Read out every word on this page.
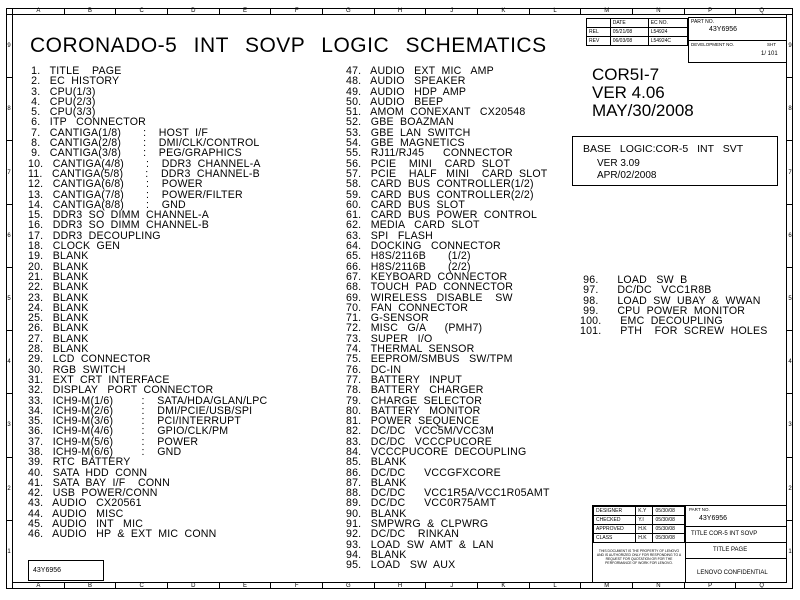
A	B	C	D	E	F	G	H	J	K	L	M	N	P	Q
A	B	C	D	E	F	G	H	J	K	L	M	N	P	Q
9
8
7
6
5
4
3
2
1
9
8
7
6
5
4
3
2
1
CORONADO-5 INT SOVP LOGIC SCHEMATICS
1.   TITLE    PAGE
2.   EC  HISTORY
3.   CPU(1/3)
4.   CPU(2/3)
5.   CPU(3/3)
6.   ITP   CONNECTOR
7.   CANTIGA(1/8)       :    HOST  I/F
8.   CANTIGA(2/8)       :    DMI/CLK/CONTROL
9.   CANTIGA(3/8)       :    PEG/GRAPHICS
10.   CANTIGA(4/8)       :    DDR3  CHANNEL-A
11.   CANTIGA(5/8)       :    DDR3  CHANNEL-B
12.   CANTIGA(6/8)       :    POWER
13.   CANTIGA(7/8)       :    POWER/FILTER
14.   CANTIGA(8/8)       :    GND
15.   DDR3  SO  DIMM  CHANNEL-A
16.   DDR3  SO  DIMM  CHANNEL-B
17.   DDR3  DECOUPLING
18.   CLOCK  GEN
19.   BLANK
20.   BLANK
21.   BLANK
22.   BLANK
23.   BLANK
24.   BLANK
25.   BLANK
26.   BLANK
27.   BLANK
28.   BLANK
29.   LCD  CONNECTOR
30.   RGB  SWITCH
31.   EXT  CRT  INTERFACE
32.   DISPLAY   PORT  CONNECTOR
33.   ICH9-M(1/6)         :    SATA/HDA/GLAN/LPC
34.   ICH9-M(2/6)         :    DMI/PCIE/USB/SPI
35.   ICH9-M(3/6)         :    PCI/INTERRUPT
36.   ICH9-M(4/6)         :    GPIO/CLK/PM
37.   ICH9-M(5/6)         :    POWER
38.   ICH9-M(6/6)         :    GND
39.   RTC  BATTERY
40.   SATA  HDD  CONN
41.   SATA  BAY  I/F    CONN
42.   USB  POWER/CONN
43.   AUDIO   CX20561
44.   AUDIO   MISC
45.   AUDIO   INT   MIC
46.   AUDIO   HP  &  EXT  MIC  CONN
47.   AUDIO   EXT  MIC   AMP
48.   AUDIO   SPEAKER
49.   AUDIO   HDP  AMP
50.   AUDIO   BEEP
51.   AMOM  CONEXANT   CX20548
52.   GBE  BOAZMAN
53.   GBE  LAN  SWITCH
54.   GBE  MAGNETICS
55.   RJ11/RJ45      CONNECTOR
56.   PCIE    MINI    CARD  SLOT
57.   PCIE    HALF   MINI    CARD  SLOT
58.   CARD  BUS  CONTROLLER(1/2)
59.   CARD  BUS  CONTROLLER(2/2)
60.   CARD  BUS  SLOT
61.   CARD  BUS  POWER  CONTROL
62.   MEDIA   CARD  SLOT
63.   SPI   FLASH
64.   DOCKING   CONNECTOR
65.   H8S/2116B       (1/2)
66.   H8S/2116B       (2/2)
67.   KEYBOARD  CONNECTOR
68.   TOUCH  PAD  CONNECTOR
69.   WIRELESS   DISABLE    SW
70.   FAN  CONNECTOR
71.   G-SENSOR
72.   MISC   G/A      (PMH7)
73.   SUPER   I/O
74.   THERMAL  SENSOR
75.   EEPROM/SMBUS   SW/TPM
76.   DC-IN
77.   BATTERY   INPUT
78.   BATTERY   CHARGER
79.   CHARGE  SELECTOR
80.   BATTERY   MONITOR
81.   POWER  SEQUENCE
82.   DC/DC   VCC5M/VCC3M
83.   DC/DC   VCCCPUCORE
84.   VCCCPUCORE  DECOUPLING
85.   BLANK
86.   DC/DC      VCCGFXCORE
87.   BLANK
88.   DC/DC      VCC1R5A/VCC1R05AMT
89.   DC/DC      VCC0R75AMT
90.   BLANK
91.   SMPWRG  &  CLPWRG
92.   DC/DC    RINKAN
93.   LOAD  SW  AMT  &  LAN
94.   BLANK
95.   LOAD   SW  AUX
96.      LOAD   SW  B
97.      DC/DC   VCC1R8B
98.      LOAD  SW  UBAY  &  WWAN
99.      CPU  POWER  MONITOR
100.      EMC  DECOUPLING
101.      PTH    FOR  SCREW  HOLES
	DATE	EC NO.
REL	05/21/08	L54924
REV	06/03/08	L54924C
PART NO.
43Y6956
DEVELOPMENT NO.	SHT
1/ 101
COR5I-7
VER 4.06
MAY/30/2008
BASE LOGIC:COR-5 INT SVT
VER 3.09
APR/02/2008
DESIGNER	K.Y	05/30/08
CHECKED	Y.I	05/30/08
APPROVED	H.K	05/30/08
CLASS	H.K	05/30/08
THIS DOCUMENT IS THE PROPERTY OF LENOVO AND IS AUTHORIZED ONLY FOR RESPONDING TO A REQUEST FOR QUOTATION OR FOR THE PERFORMANCE OF WORK FOR LENOVO.
PART NO.
43Y6956
TITLE COR-5 INT SOVP
TITLE PAGE
LENOVO CONFIDENTIAL
43Y6956
